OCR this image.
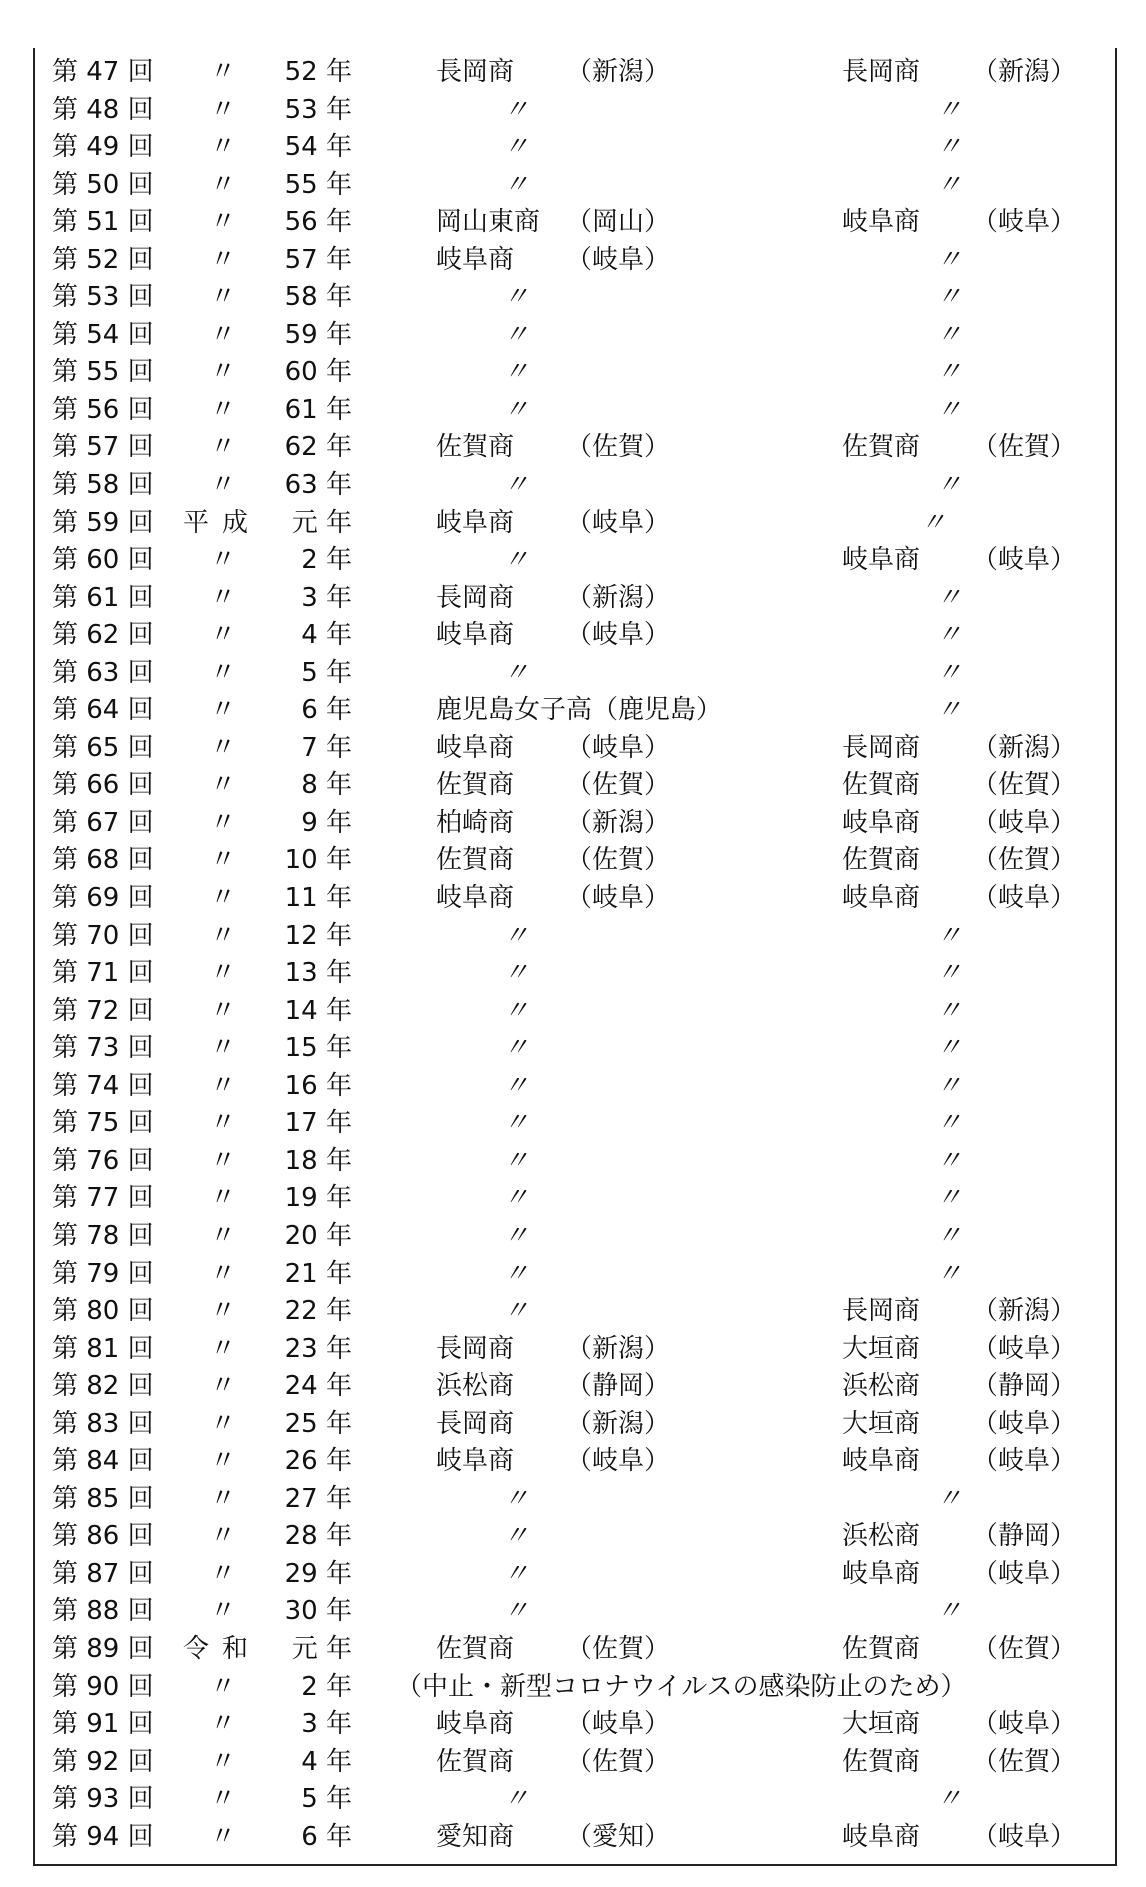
第 47 回 〃	52 年	長岡商 （新潟）	長岡商 （新潟）
第 48 回 〃	53 年	〃	〃
第 49 回 〃	54 年	〃	〃
第 50 回 〃	55 年	〃	〃
第 51 回 〃	56 年	岡山東商 （岡山）	岐阜商 （岐阜）
第 52 回 〃	57 年	岐阜商 （岐阜）	〃
第 53 回 〃	58 年	〃	〃
第 54 回 〃	59 年	〃	〃
第 55 回 〃	60 年	〃	〃
第 56 回 〃	61 年	〃	〃
第 57 回 〃	62 年	佐賀商 （佐賀）	佐賀商 （佐賀）
第 58 回 〃	63 年	〃	〃
第 59 回 平成	元 年	岐阜商 （岐阜）	〃
第 60 回 〃	2 年	〃	岐阜商 （岐阜）
第 61 回 〃	3 年	長岡商 （新潟）	〃
第 62 回 〃	4 年	岐阜商 （岐阜）	〃
第 63 回 〃	5 年	〃	〃
第 64 回 〃	6 年	鹿児島女子高（鹿児島）	〃
第 65 回 〃	7 年	岐阜商 （岐阜）	長岡商 （新潟）
第 66 回 〃	8 年	佐賀商 （佐賀）	佐賀商 （佐賀）
第 67 回 〃	9 年	柏崎商 （新潟）	岐阜商 （岐阜）
第 68 回 〃	10 年	佐賀商 （佐賀）	佐賀商 （佐賀）
第 69 回 〃	11 年	岐阜商 （岐阜）	岐阜商 （岐阜）
第 70 回 〃	12 年	〃	〃
第 71 回 〃	13 年	〃	〃
第 72 回 〃	14 年	〃	〃
第 73 回 〃	15 年	〃	〃
第 74 回 〃	16 年	〃	〃
第 75 回 〃	17 年	〃	〃
第 76 回 〃	18 年	〃	〃
第 77 回 〃	19 年	〃	〃
第 78 回 〃	20 年	〃	〃
第 79 回 〃	21 年	〃	〃
第 80 回 〃	22 年	〃	長岡商 （新潟）
第 81 回 〃	23 年	長岡商 （新潟）	大垣商 （岐阜）
第 82 回 〃	24 年	浜松商 （静岡）	浜松商 （静岡）
第 83 回 〃	25 年	長岡商 （新潟）	大垣商 （岐阜）
第 84 回 〃	26 年	岐阜商 （岐阜）	岐阜商 （岐阜）
第 85 回 〃	27 年	〃	〃
第 86 回 〃	28 年	〃	浜松商 （静岡）
第 87 回 〃	29 年	〃	岐阜商 （岐阜）
第 88 回 〃	30 年	〃	〃
第 89 回 令和	元 年	佐賀商 （佐賀）	佐賀商 （佐賀）
第 90 回 〃	2 年 （中止・新型コロナウイルスの感染防止のため）
第 91 回 〃	3 年	岐阜商 （岐阜）	大垣商 （岐阜）
第 92 回 〃	4 年	佐賀商 （佐賀）	佐賀商 （佐賀）
第 93 回 〃	5 年	〃	〃
第 94 回 〃	6 年	愛知商 （愛知）	岐阜商 （岐阜）
